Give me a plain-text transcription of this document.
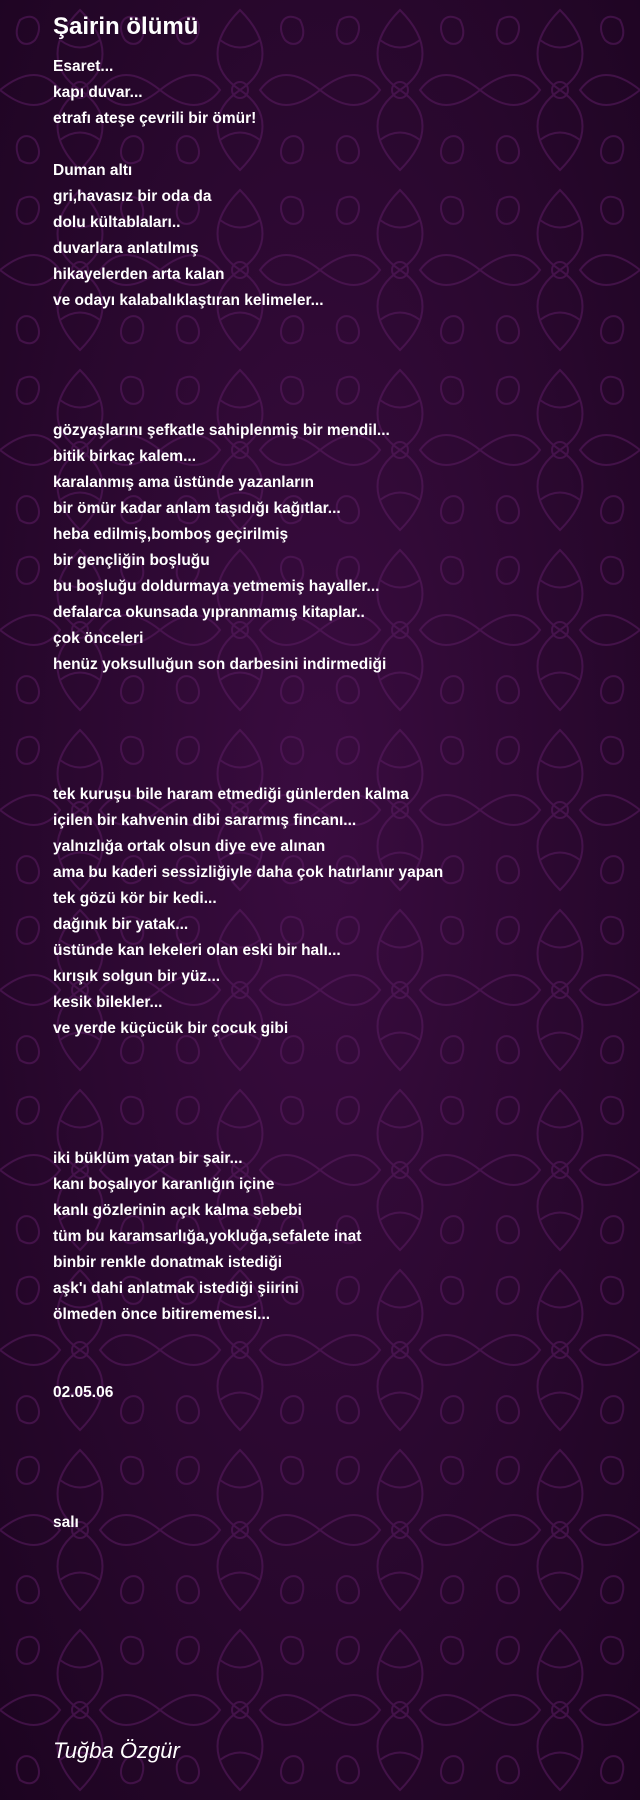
Şairin ölümü
Esaret...
kapı duvar...
etrafı ateşe çevrili bir ömür!
Duman altı
gri,havasız bir oda da
dolu kültablaları..
duvarlara anlatılmış
hikayelerden arta kalan
ve odayı kalabalıklaştıran kelimeler...
gözyaşlarını şefkatle sahiplenmiş bir mendil...
bitik birkaç kalem...
karalanmış ama üstünde yazanların
bir ömür kadar anlam taşıdığı kağıtlar...
heba edilmiş,bomboş geçirilmiş
bir gençliğin boşluğu
bu boşluğu doldurmaya yetmemiş hayaller...
defalarca okunsada yıpranmamış kitaplar..
çok önceleri
henüz yoksulluğun son darbesini indirmediği
tek kuruşu bile haram etmediği günlerden kalma
içilen bir kahvenin dibi sararmış fincanı...
yalnızlığa ortak olsun diye eve alınan
ama bu kaderi sessizliğiyle daha çok hatırlanır yapan
tek gözü kör bir kedi...
dağınık bir yatak...
üstünde kan lekeleri olan eski bir halı...
kırışık solgun bir yüz...
kesik bilekler...
ve yerde küçücük bir çocuk gibi
iki büklüm yatan bir şair...
kanı boşalıyor karanlığın içine
kanlı gözlerinin açık kalma sebebi
tüm bu karamsarlığa,yokluğa,sefalete inat
binbir renkle donatmak istediği
aşk'ı dahi anlatmak istediği şiirini
ölmeden önce bitirememesi...
02.05.06
salı
Tuğba Özgür
